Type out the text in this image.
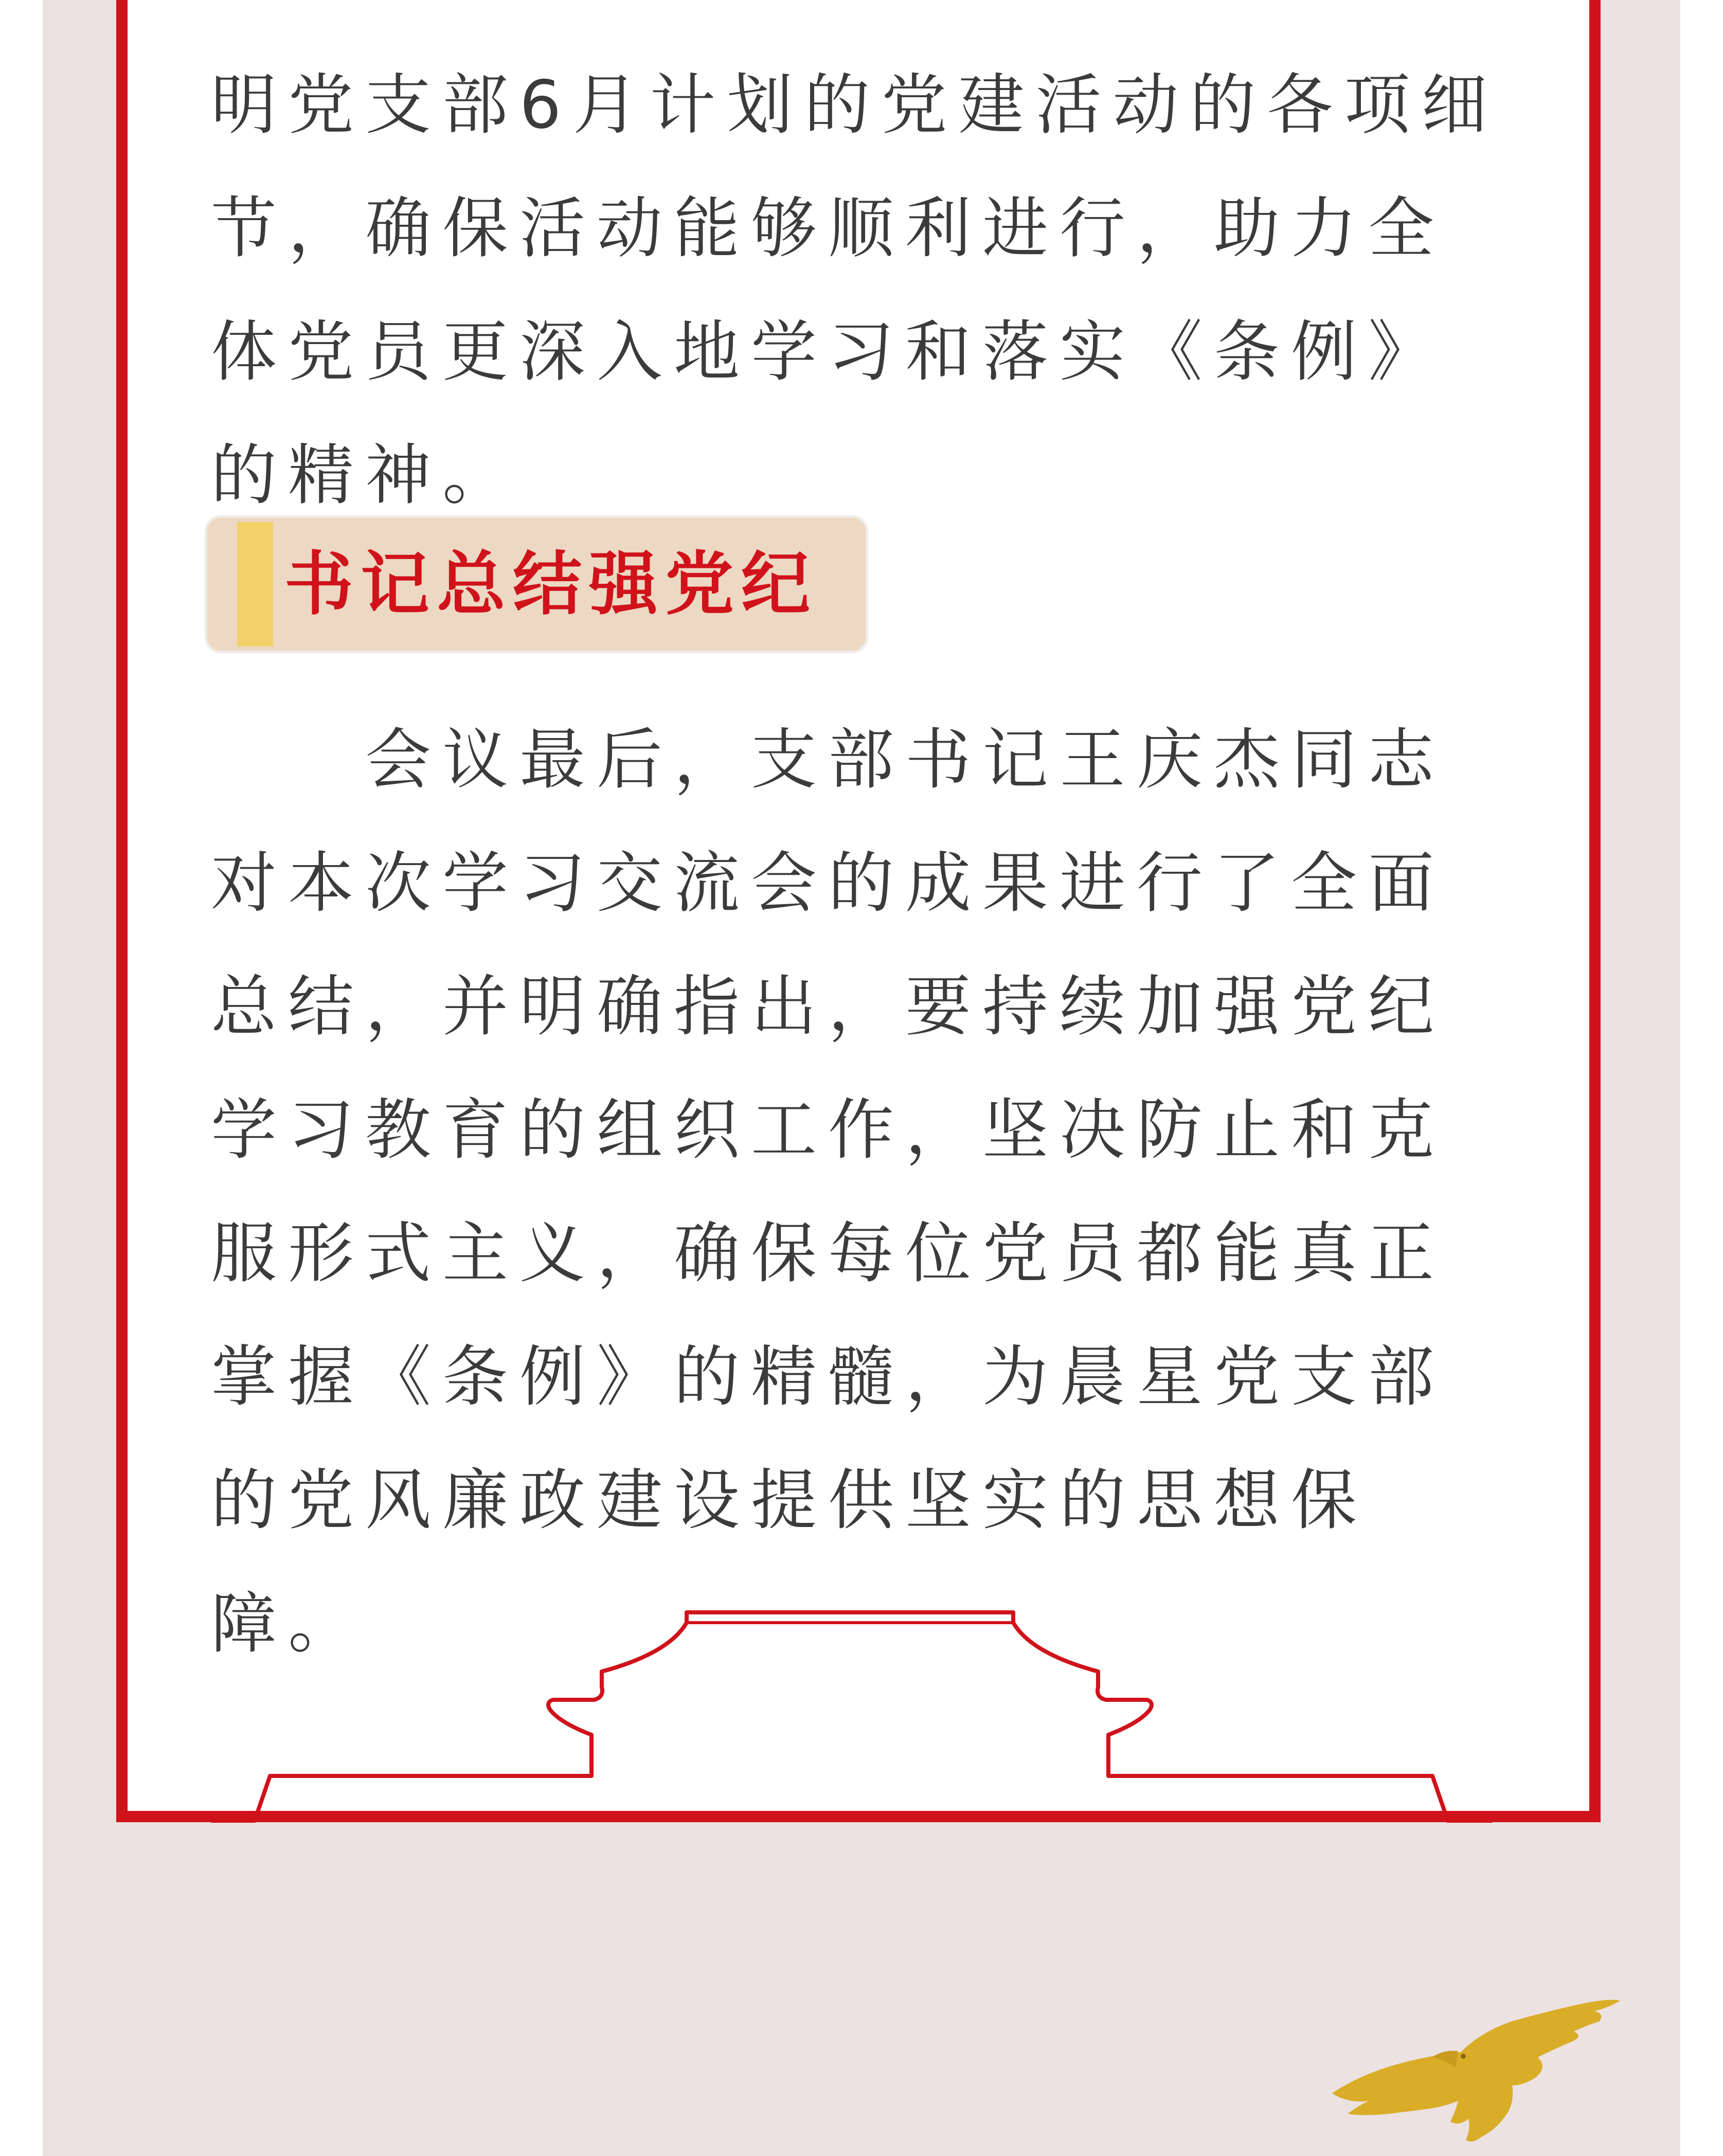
明党支部6月计划的党建活动的各项细节，确保活动能够顺利进行，助力全体党员更深入地学习和落实《条例》的精神。

书记总结强党纪

会议最后，支部书记王庆杰同志对本次学习交流会的成果进行了全面总结，并明确指出，要持续加强党纪学习教育的组织工作，坚决防止和克服形式主义，确保每位党员都能真正掌握《条例》的精髓，为晨星党支部的党风廉政建设提供坚实的思想保障。
